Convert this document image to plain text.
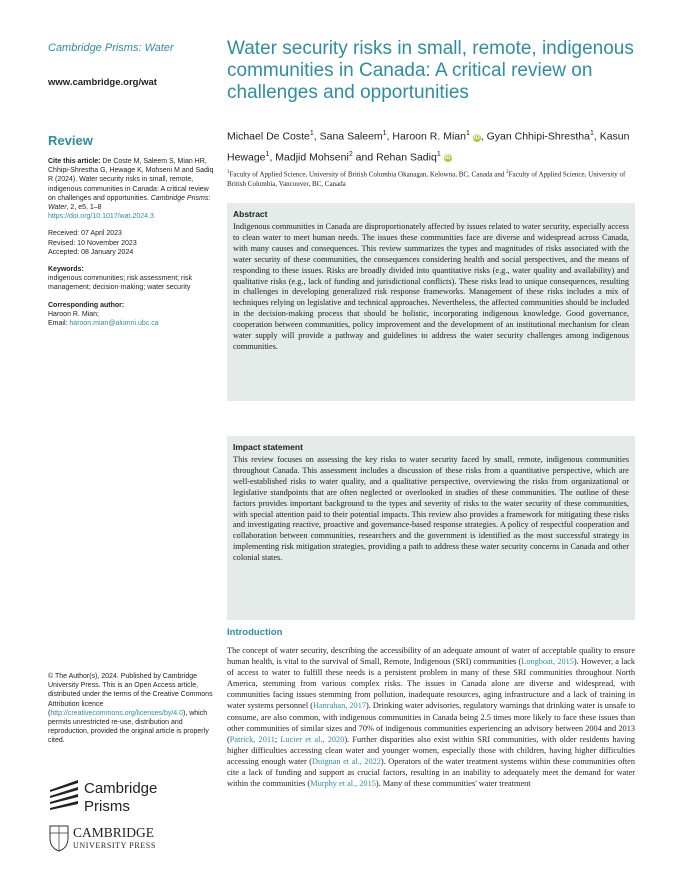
Cambridge Prisms: Water
www.cambridge.org/wat
Review

Cite this article: De Coste M, Saleem S, Mian HR, Chhipi-Shrestha G, Hewage K, Mohseni M and Sadiq R (2024). Water security risks in small, remote, indigenous communities in Canada: A critical review on challenges and opportunities. Cambridge Prisms: Water, 2, e5, 1–8

https://doi.org/10.1017/wat.2024.3

Received: 07 April 2023

Revised: 10 November 2023

Accepted: 08 January 2024

Keywords:

indigenous communities; risk assessment; risk management; decision-making; water security

Corresponding author:

Haroon R. Mian;

Email: haroon.mian@alumni.ubc.ca

© The Author(s), 2024. Published by Cambridge University Press. This is an Open Access article, distributed under the terms of the Creative Commons Attribution licence (http://creativecommons.org/licenses/by/4.0), which permits unrestricted re-use, distribution and reproduction, provided the original article is properly cited.
Cambridge
Prisms
CAMBRIDGE
UNIVERSITY PRESS
Water security risks in small, remote, indigenous communities in Canada: A critical review on challenges and opportunities
Michael De Coste$^1$, Sana Saleem$^1$, Haroon R. Mian$^1$ iD, Gyan Chhipi-Shrestha$^1$, Kasun Hewage$^1$, Madjid Mohseni$^2$ and Rehan Sadiq$^1$ iD
$^1$Faculty of Applied Science, University of British Columbia Okanagan, Kelowna, BC, Canada and $^2$Faculty of Applied Science, University of British Columbia, Vancouver, BC, Canada
Abstract
Indigenous communities in Canada are disproportionately affected by issues related to water security, especially access to clean water to meet human needs. The issues these communities face are diverse and widespread across Canada, with many causes and consequences. This review summarizes the types and magnitudes of risks associated with the water security of these communities, the consequences considering health and social perspectives, and the means of responding to these issues. Risks are broadly divided into quantitative risks (e.g., water quality and availability) and qualitative risks (e.g., lack of funding and jurisdictional conflicts). These risks lead to unique consequences, resulting in challenges in developing generalized risk response frameworks. Management of these risks includes a mix of techniques relying on legislative and technical approaches. Nevertheless, the affected communities should be included in the decision-making process that should be holistic, incorporating indigenous knowledge. Good governance, cooperation between communities, policy improvement and the development of an institutional mechanism for clean water supply will provide a pathway and guidelines to address the water security challenges among indigenous communities.
Impact statement
This review focuses on assessing the key risks to water security faced by small, remote, indigenous communities throughout Canada. This assessment includes a discussion of these risks from a quantitative perspective, which are well-established risks to water quality, and a qualitative perspective, overviewing the risks from organizational or legislative standpoints that are often neglected or overlooked in studies of these communities. The outline of these factors provides important background to the types and severity of risks to the water security of these communities, with special attention paid to their potential impacts. This review also provides a framework for mitigating these risks and investigating reactive, proactive and governance-based response strategies. A policy of respectful cooperation and collaboration between communities, researchers and the government is identified as the most successful strategy in implementing risk mitigation strategies, providing a path to address these water security concerns in Canada and other colonial states.
Introduction
The concept of water security, describing the accessibility of an adequate amount of water of acceptable quality to ensure human health, is vital to the survival of Small, Remote, Indigenous (SRI) communities (Longboat, 2015). However, a lack of access to water to fulfill these needs is a persistent problem in many of these SRI communities throughout North America, stemming from various complex risks. The issues in Canada alone are diverse and widespread, with communities facing issues stemming from pollution, inadequate resources, aging infrastructure and a lack of training in water systems personnel (Hanrahan, 2017). Drinking water advisories, regulatory warnings that drinking water is unsafe to consume, are also common, with indigenous communities in Canada being 2.5 times more likely to face these issues than other communities of similar sizes and 70% of indigenous communities experiencing an advisory between 2004 and 2013 (Patrick, 2011; Lucier et al., 2020). Further disparities also exist within SRI communities, with older residents having higher difficulties accessing clean water and younger women, especially those with children, having higher difficulties accessing enough water (Duignan et al., 2022). Operators of the water treatment systems within these communities often cite a lack of funding and support as crucial factors, resulting in an inability to adequately meet the demand for water within the communities (Murphy et al., 2015). Many of these communities' water treatment
